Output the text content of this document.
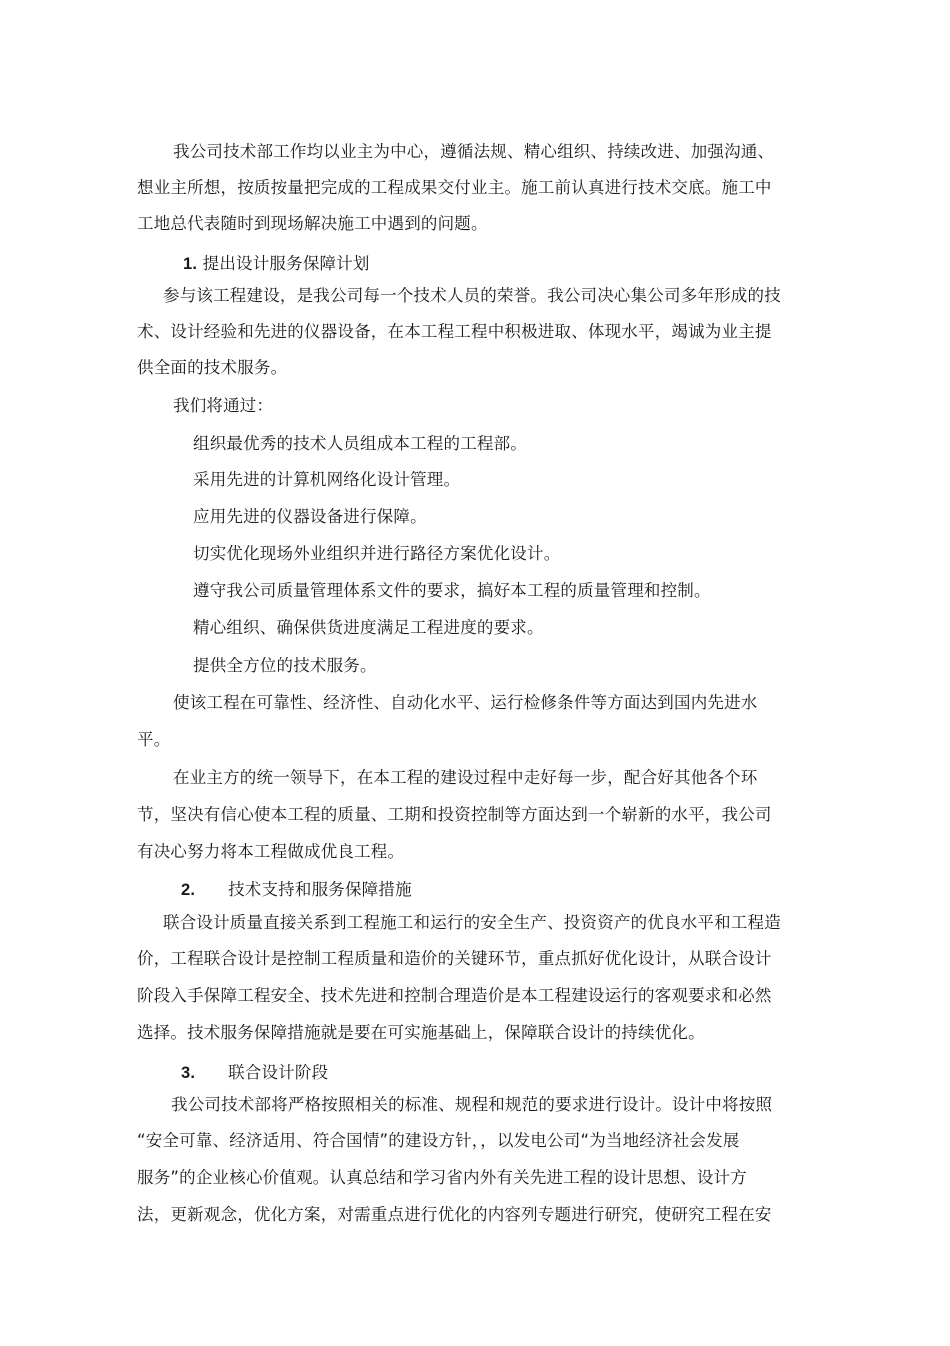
我公司技术部工作均以业主为中心，遵循法规、精心组织、持续改进、加强沟通、
想业主所想，按质按量把完成的工程成果交付业主。施工前认真进行技术交底。施工中
工地总代表随时到现场解决施工中遇到的问题。
1. 提出设计服务保障计划
参与该工程建设，是我公司每一个技术人员的荣誉。我公司决心集公司多年形成的技
术、设计经验和先进的仪器设备，在本工程工程中积极进取、体现水平，竭诚为业主提
供全面的技术服务。
我们将通过：
组织最优秀的技术人员组成本工程的工程部。
采用先进的计算机网络化设计管理。
应用先进的仪器设备进行保障。
切实优化现场外业组织并进行路径方案优化设计。
遵守我公司质量管理体系文件的要求，搞好本工程的质量管理和控制。
精心组织、确保供货进度满足工程进度的要求。
提供全方位的技术服务。
使该工程在可靠性、经济性、自动化水平、运行检修条件等方面达到国内先进水
平。
在业主方的统一领导下，在本工程的建设过程中走好每一步，配合好其他各个环
节，坚决有信心使本工程的质量、工期和投资控制等方面达到一个崭新的水平，我公司
有决心努力将本工程做成优良工程。
2. 技术支持和服务保障措施
联合设计质量直接关系到工程施工和运行的安全生产、投资资产的优良水平和工程造
价，工程联合设计是控制工程质量和造价的关键环节，重点抓好优化设计，从联合设计
阶段入手保障工程安全、技术先进和控制合理造价是本工程建设运行的客观要求和必然
选择。技术服务保障措施就是要在可实施基础上，保障联合设计的持续优化。
3. 联合设计阶段
我公司技术部将严格按照相关的标准、规程和规范的要求进行设计。设计中将按照
“安全可靠、经济适用、符合国情”的建设方针，，以发电公司“为当地经济社会发展
服务”的企业核心价值观。认真总结和学习省内外有关先进工程的设计思想、设计方
法，更新观念，优化方案，对需重点进行优化的内容列专题进行研究，使研究工程在安
